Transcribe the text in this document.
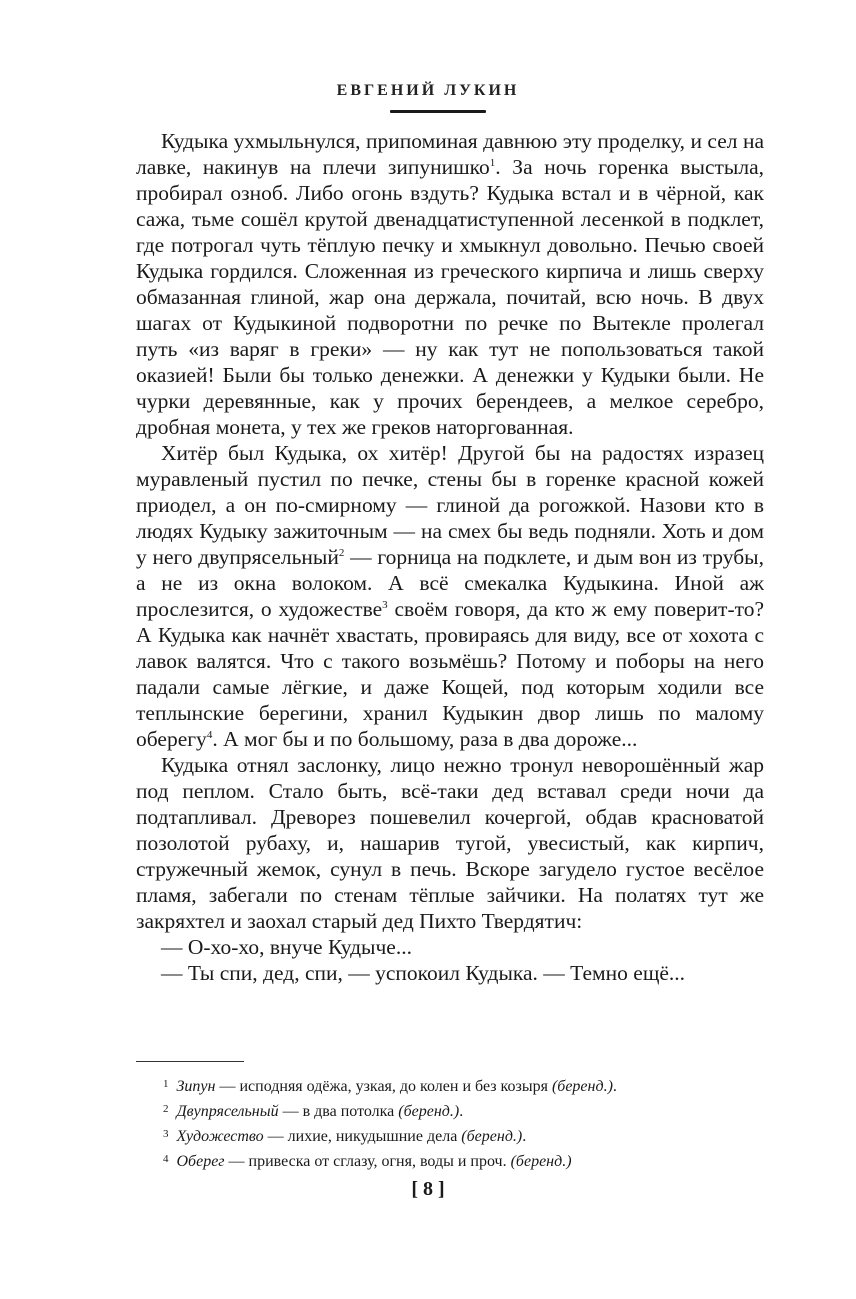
ЕВГЕНИЙ ЛУКИН

Кудыка ухмыльнулся, припоминая давнюю эту проделку, и сел на лавке, накинув на плечи зипунишко$^1$. За ночь горенка выстыла, пробирал озноб. Либо огонь вздуть? Кудыка встал и в чёрной, как сажа, тьме сошёл крутой двенадцатиступенной лесенкой в подклет, где потрогал чуть тёплую печку и хмыкнул довольно. Печью своей Кудыка гордился. Сложенная из греческого кирпича и лишь сверху обмазанная глиной, жар она держала, почитай, всю ночь. В двух шагах от Кудыкиной подворотни по речке по Вытекле пролегал путь «из варяг в греки» — ну как тут не попользоваться такой оказией! Были бы только денежки. А денежки у Кудыки были. Не чурки деревянные, как у прочих берендеев, а мелкое серебро, дробная монета, у тех же греков наторгованная.

Хитёр был Кудыка, ох хитёр! Другой бы на радостях изразец муравленый пустил по печке, стены бы в горенке красной кожей приодел, а он по-смирному — глиной да рогожкой. Назови кто в людях Кудыку зажиточным — на смех бы ведь подняли. Хоть и дом у него двупрясельный$^2$ — горница на подклете, и дым вон из трубы, а не из окна волоком. А всё смекалка Кудыкина. Иной аж прослезится, о художестве$^3$ своём говоря, да кто ж ему поверит-то? А Кудыка как начнёт хвастать, провираясь для виду, все от хохота с лавок валятся. Что с такого возьмёшь? Потому и поборы на него падали самые лёгкие, и даже Кощей, под которым ходили все теплынские берегини, хранил Кудыкин двор лишь по малому оберегу$^4$. А мог бы и по большому, раза в два дороже...

Кудыка отнял заслонку, лицо нежно тронул неворошённый жар под пеплом. Стало быть, всё-таки дед вставал среди ночи да подтапливал. Древорез пошевелил кочергой, обдав красноватой позолотой рубаху, и, нашарив тугой, увесистый, как кирпич, стружечный жемок, сунул в печь. Вскоре загудело густое весёлое пламя, забегали по стенам тёплые зайчики. На полатях тут же закряхтел и заохал старый дед Пихто Твердятич:

— О-хо-хо, внуче Кудыче...

— Ты спи, дед, спи, — успокоил Кудыка. — Темно ещё...

$^1$ Зипун — исподняя одёжа, узкая, до колен и без козыря (беренд.).
$^2$ Двупрясельный — в два потолка (беренд.).
$^3$ Художество — лихие, никудышние дела (беренд.).
$^4$ Оберег — привеска от сглазу, огня, воды и проч. (беренд.)
[ 8 ]
